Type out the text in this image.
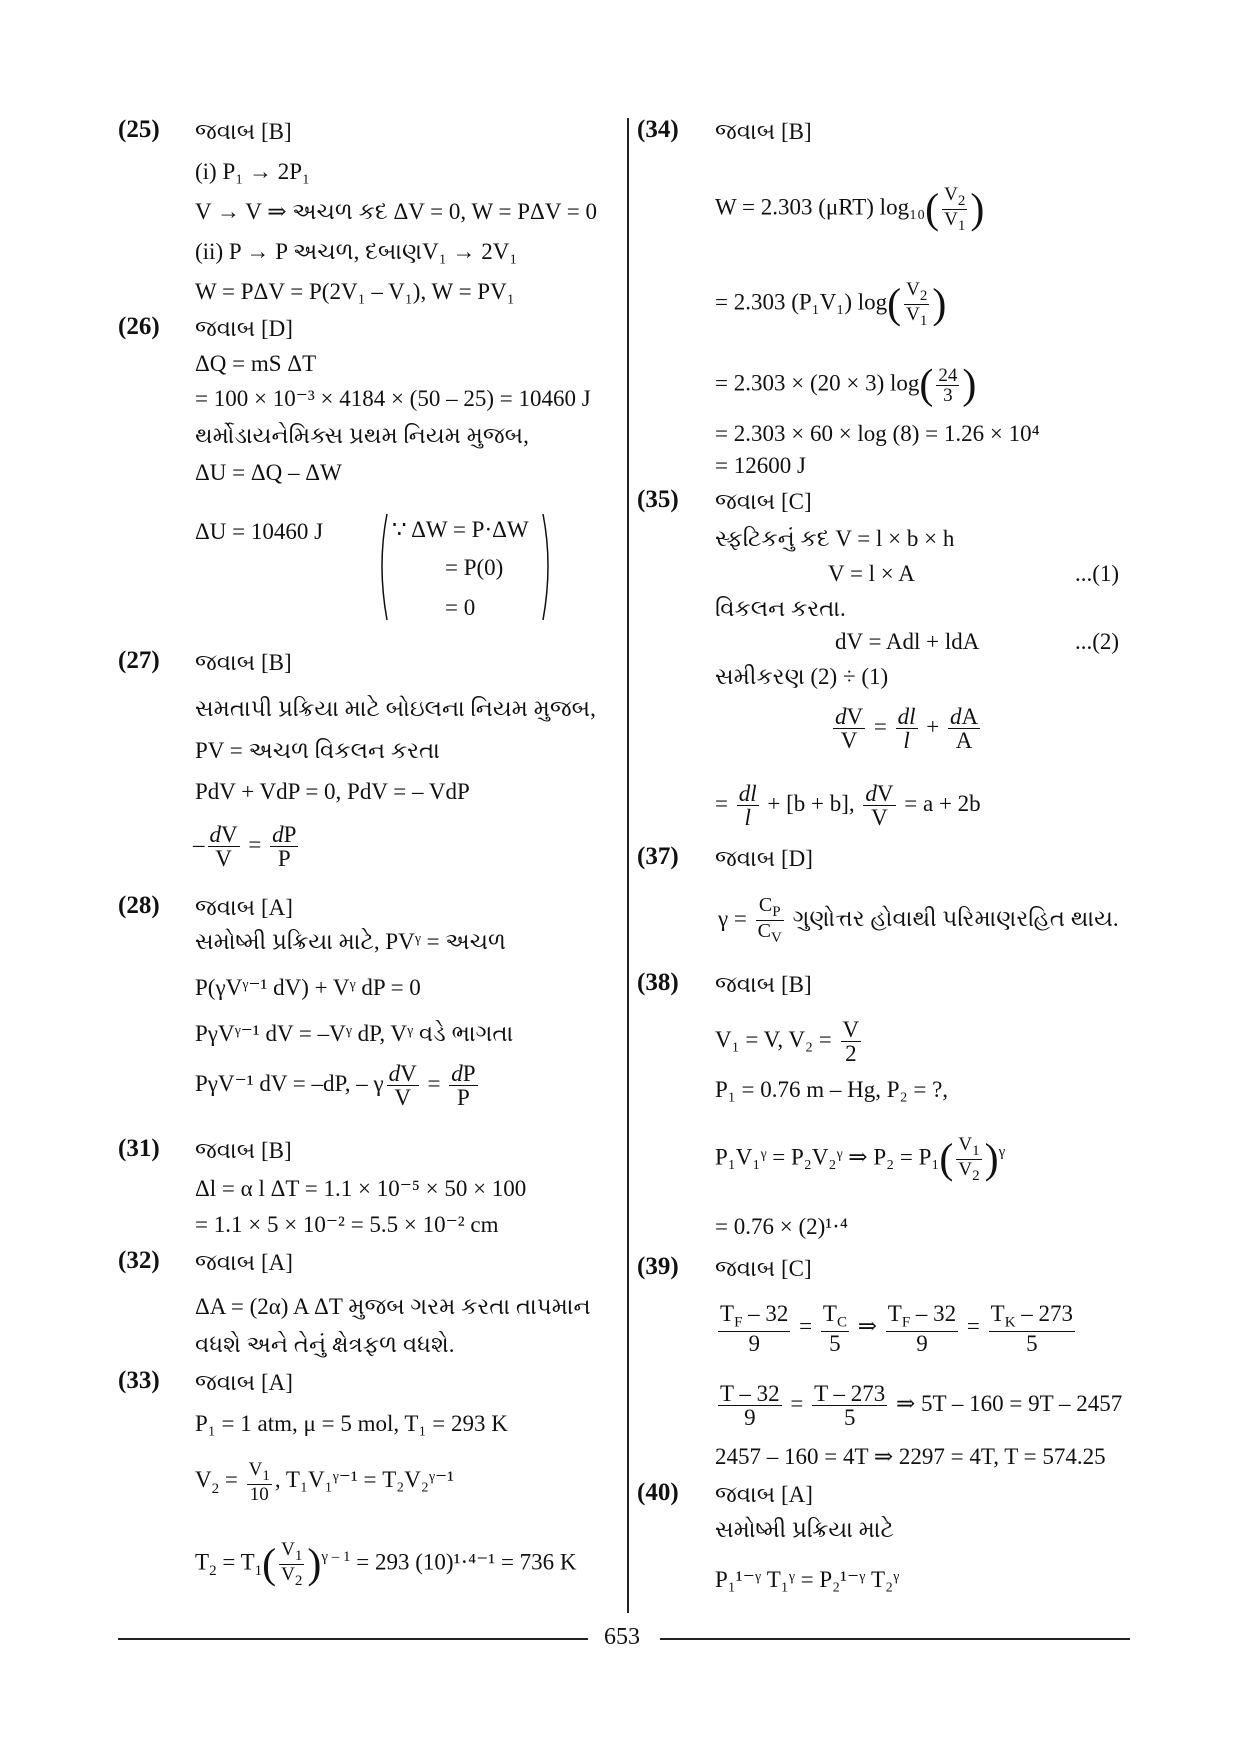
(25) જવાબ [B]
(i) P₁ → 2P₁
V → V ⇒ અચળ કદ ΔV = 0, W = PΔV = 0
(ii) P → P અચળ, દબાણV₁ → 2V₁
W = PΔV = P(2V₁ – V₁), W = PV₁
(26) જવાબ [D]
ΔQ = mS ΔT
= 100 × 10⁻³ × 4184 × (50 – 25) = 10460 J
થર્મોડાયનેમિક્સ પ્રથમ નિયમ મુજબ,
ΔU = ΔQ – ΔW
ΔU = 10460 J	∵ ΔW = P·ΔW
= P(0)
= 0
(27) જવાબ [B]
સમતાપી પ્રક્રિયા માટે બોઇલના નિયમ મુજબ,
PV = અચળ વિકલન કરતા
PdV + VdP = 0, PdV = – VdP
– $\frac{dV}{V} = \frac{dP}{P}$
(28) જવાબ [A]
સમોષ્મી પ્રક્રિયા માટે, PVᵞ = અચળ
P(γVᵞ⁻¹ dV) + Vᵞ dP = 0
PγVᵞ⁻¹ dV = –Vᵞ dP, Vᵞ વડે ભાગતા
PγV⁻¹ dV = –dP, – γ $\frac{dV}{V} = \frac{dP}{P}$
(31) જવાબ [B]
Δl = α l ΔT = 1.1 × 10⁻⁵ × 50 × 100
= 1.1 × 5 × 10⁻² = 5.5 × 10⁻² cm
(32) જવાબ [A]
ΔA = (2α) A ΔT મુજબ ગરમ કરતા તાપમાન
વધશે અને તેનું ક્ષેત્રફળ વધશે.
(33) જવાબ [A]
P₁ = 1 atm, μ = 5 mol, T₁ = 293 K
$V_2 = \frac{V_1}{10}$ , T₁V₁ᵞ⁻¹ = T₂V₂ᵞ⁻¹
$T_2 = T_1( \frac{V_1}{V_2} )^{\gamma - 1} = 293$ (10)¹·⁴⁻¹ = 736 K
(34) જવાબ [B]
W = 2.303 (μRT) $\log_{10}( \frac{V_2}{V_1}$ )
= 2.303 (P₁V₁) $\log( \frac{V_2}{V_1}$ )
= 2.303 × (20 × 3) $\log( \frac{24}{3}$ )
= 2.303 × 60 × log (8) = 1.26 × 10⁴
= 12600 J
(35) જવાબ [C]
સ્ફટિકનું કદ V = l × b × h
V = l × A	...(1)
વિકલન કરતા.
dV = Adl + ldA	...(2)
સમીકરણ (2) ÷ (1)
$\frac{dV}{V} = \frac{dl}{l} + \frac{dA}{A}$
= $\frac{dl}{l} + [b + b]$, $\frac{dV}{V} = a + 2b$
(37) જવાબ [D]
$\gamma = \frac{C_P}{C_V}$ ગુણોત્તર હોવાથી પરિમાણરહિત થાય.
(38) જવાબ [B]
V₁ = V, $V_2 = \frac{V}{2}$
P₁ = 0.76 m – Hg, P₂ = ?,
P₁V₁ᵞ = P₂V₂ᵞ ⇒ $P_2 = P_1( \frac{V_1}{V_2} )^\gamma$
= 0.76 × (2)¹·⁴
(39) જવાબ [C]
$\frac{T_F - 32}{9} = \frac{T_C}{5}$ ⇒ $\frac{T_F - 32}{9} = \frac{T_K - 273}{5}$
$\frac{T - 32}{9} = \frac{T - 273}{5}$ ⇒ 5T – 160 = 9T – 2457
2457 – 160 = 4T ⇒ 2297 = 4T, T = 574.25
(40) જવાબ [A]
સમોષ્મી પ્રક્રિયા માટે
P₁¹⁻ᵞ T₁ᵞ = P₂¹⁻ᵞ T₂ᵞ
653
